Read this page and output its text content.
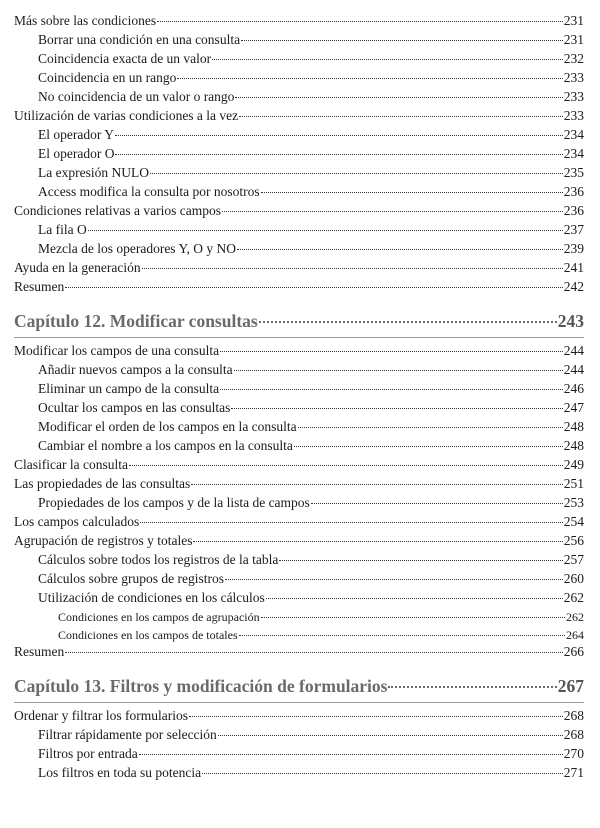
Más sobre las condiciones	231
Borrar una condición en una consulta	231
Coincidencia exacta de un valor	232
Coincidencia en un rango	233
No coincidencia de un valor o rango	233
Utilización de varias condiciones a la vez	233
El operador Y	234
El operador O	234
La expresión NULO	235
Access modifica la consulta por nosotros	236
Condiciones relativas a varios campos	236
La fila O	237
Mezcla de los operadores Y, O y NO	239
Ayuda en la generación	241
Resumen	242
Capítulo 12. Modificar consultas	243
Modificar los campos de una consulta	244
Añadir nuevos campos a la consulta	244
Eliminar un campo de la consulta	246
Ocultar los campos en las consultas	247
Modificar el orden de los campos en la consulta	248
Cambiar el nombre a los campos en la consulta	248
Clasificar la consulta	249
Las propiedades de las consultas	251
Propiedades de los campos y de la lista de campos	253
Los campos calculados	254
Agrupación de registros y totales	256
Cálculos sobre todos los registros de la tabla	257
Cálculos sobre grupos de registros	260
Utilización de condiciones en los cálculos	262
Condiciones en los campos de agrupación	262
Condiciones en los campos de totales	264
Resumen	266
Capítulo 13. Filtros y modificación de formularios	267
Ordenar y filtrar los formularios	268
Filtrar rápidamente por selección	268
Filtros por entrada	270
Los filtros en toda su potencia	271
